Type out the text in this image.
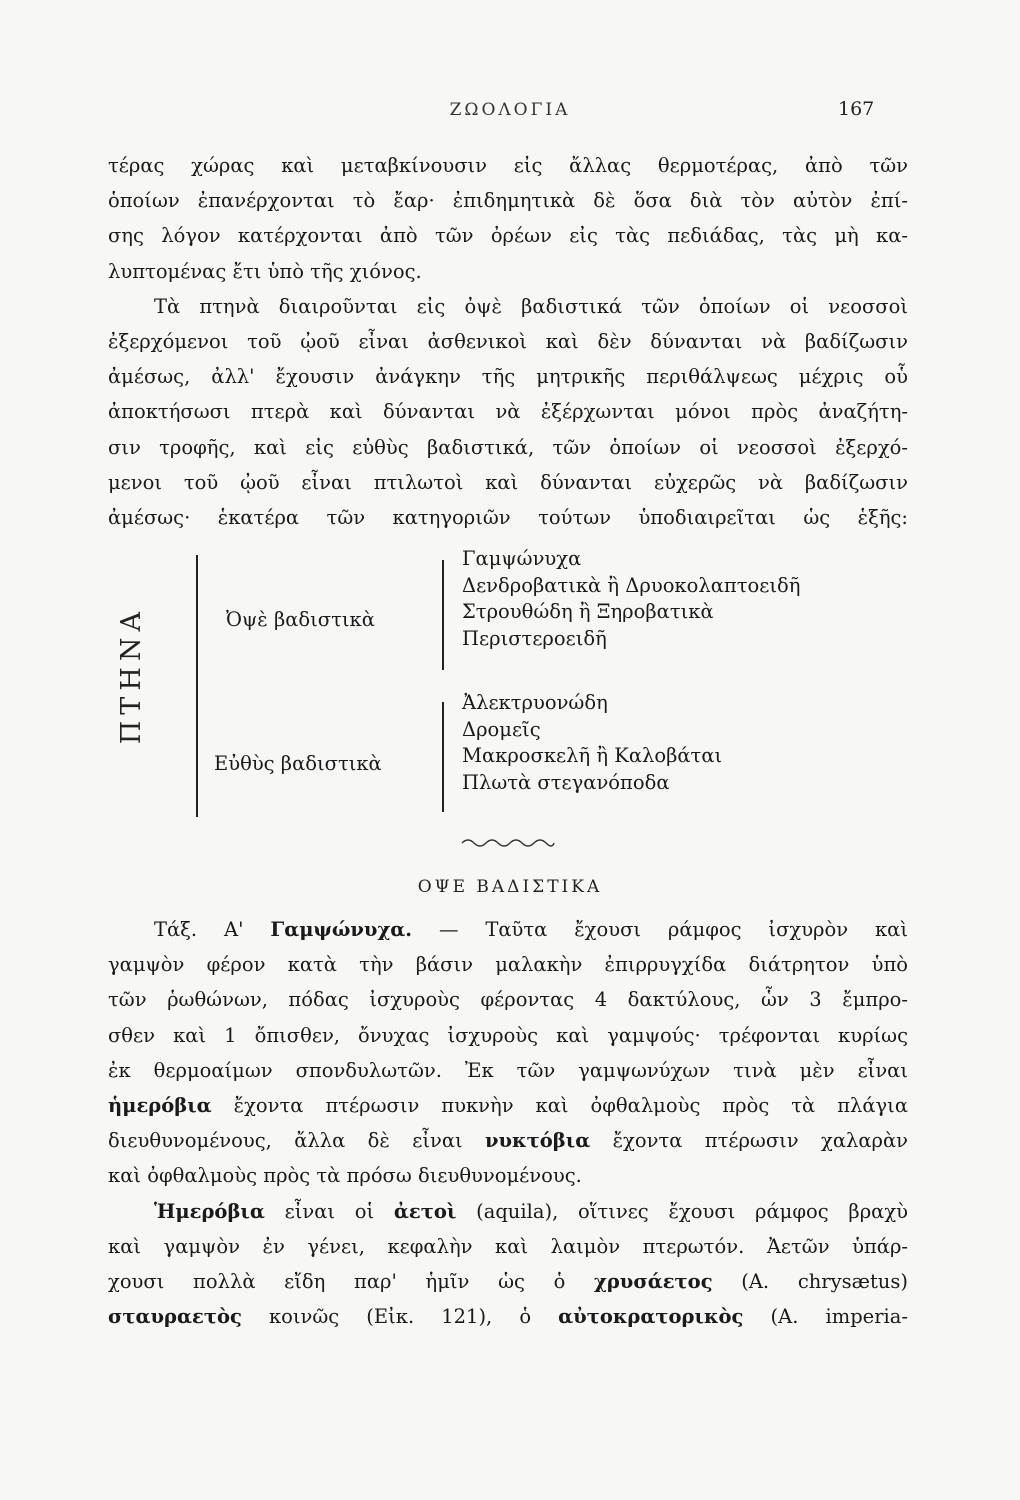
ΖΩΟΛΟΓΙΑ	167

τέρας χώρας καὶ μεταβκίνουσιν εἰς ἄλλας θερμοτέρας, ἀπὸ τῶν
ὁποίων ἐπανέρχονται τὸ ἔαρ· ἐπιδημητικὰ δὲ ὅσα διὰ τὸν αὐτὸν ἐπί-
σης λόγον κατέρχονται ἀπὸ τῶν ὀρέων εἰς τὰς πεδιάδας, τὰς μὴ κα-
λυπτομένας ἔτι ὑπὸ τῆς χιόνος.

Τὰ πτηνὰ διαιροῦνται εἰς ὀψὲ βαδιστικά τῶν ὁποίων οἱ νεοσσοὶ
ἐξερχόμενοι τοῦ ᾠοῦ εἶναι ἀσθενικοὶ καὶ δὲν δύνανται νὰ βαδίζωσιν
ἀμέσως, ἀλλ' ἔχουσιν ἀνάγκην τῆς μητρικῆς περιθάλψεως μέχρις οὗ
ἀποκτήσωσι πτερὰ καὶ δύνανται νὰ ἐξέρχωνται μόνοι πρὸς ἀναζήτη-
σιν τροφῆς, καὶ εἰς εὐθὺς βαδιστικά, τῶν ὁποίων οἱ νεοσσοὶ ἐξερχό-
μενοι τοῦ ᾠοῦ εἶναι πτιλωτοὶ καὶ δύνανται εὐχερῶς νὰ βαδίζωσιν
ἀμέσως· ἑκατέρα τῶν κατηγοριῶν τούτων ὑποδιαιρεῖται ὡς ἑξῆς:

ΠΤΗΝΑ	Ὀψὲ βαδιστικὰ
Γαμψώνυχα
Δενδροβατικὰ ἢ Δρυοκολαπτοειδῆ
Στρουθώδη ἢ Ξηροβατικὰ
Περιστεροειδῆ
Εὐθὺς βαδιστικὰ
Ἀλεκτρυονώδη
Δρομεῖς
Μακροσκελῆ ἢ Καλοβάται
Πλωτὰ στεγανόποδα
ΟΨΕ ΒΑΔΙΣΤΙΚΑ

Τάξ. Α' Γαμψώνυχα. — Ταῦτα ἔχουσι ράμφος ἰσχυρὸν καὶ
γαμψὸν φέρον κατὰ τὴν βάσιν μαλακὴν ἐπιρρυγχίδα διάτρητον ὑπὸ
τῶν ῥωθώνων, πόδας ἰσχυροὺς φέροντας 4 δακτύλους, ὧν 3 ἔμπρο-
σθεν καὶ 1 ὄπισθεν, ὄνυχας ἰσχυροὺς καὶ γαμψούς· τρέφονται κυρίως
ἐκ θερμοαίμων σπονδυλωτῶν. Ἐκ τῶν γαμψωνύχων τινὰ μὲν εἶναι
ἡμερόβια ἔχοντα πτέρωσιν πυκνὴν καὶ ὀφθαλμοὺς πρὸς τὰ πλάγια
διευθυνομένους, ἄλλα δὲ εἶναι νυκτόβια ἔχοντα πτέρωσιν χαλαρὰν
καὶ ὀφθαλμοὺς πρὸς τὰ πρόσω διευθυνομένους.

Ἡμερόβια εἶναι οἱ ἀετοὶ (aquila), οἵτινες ἔχουσι ράμφος βραχὺ
καὶ γαμψὸν ἐν γένει, κεφαλὴν καὶ λαιμὸν πτερωτόν. Ἀετῶν ὑπάρ-
χουσι πολλὰ εἴδη παρ' ἡμῖν ὡς ὁ χρυσάετος (A. chrysætus)
σταυραετὸς κοινῶς (Εἰκ. 121), ὁ αὐτοκρατορικὸς (A. imperia-
